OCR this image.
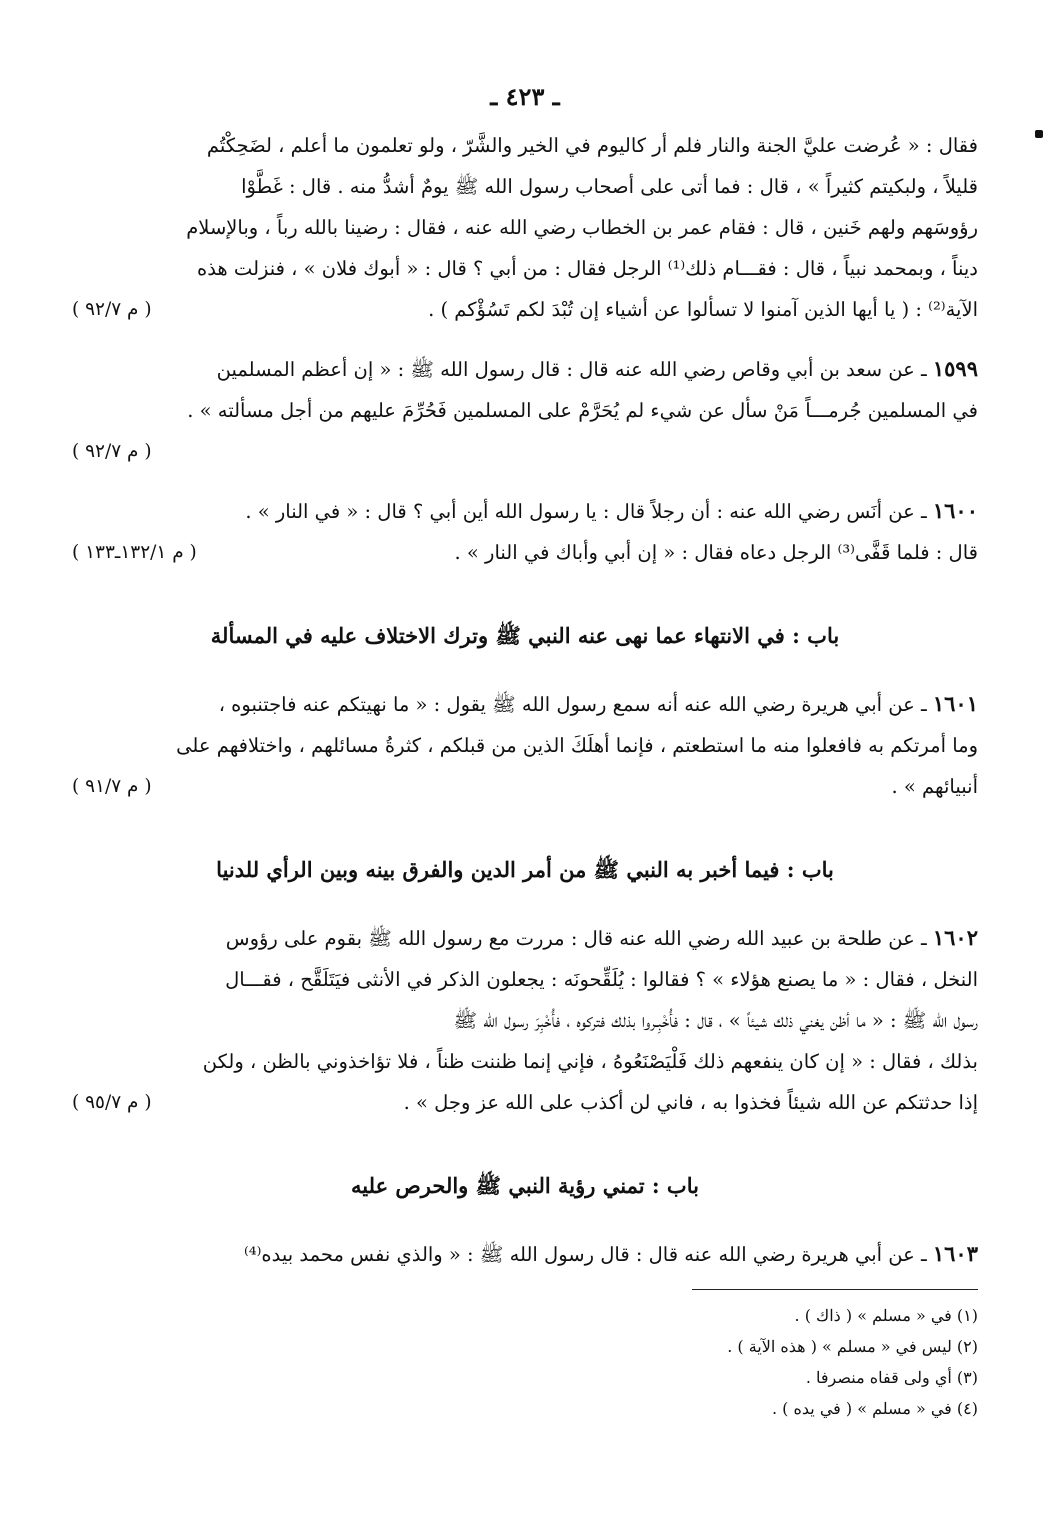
ـ ٤٢٣ ـ
فقال : « عُرضت عليَّ الجنة والنار فلم أر كاليوم في الخير والشَّرّ ، ولو تعلمون ما أعلم ، لضَحِكْتُم
قليلاً ، ولبكيتم كثيراً » ، قال : فما أتى على أصحاب رسول الله ﷺ يومٌ أشدُّ منه . قال : غَطَّوْا
رؤوسَهم ولهم خَنين ، قال : فقام عمر بن الخطاب رضي الله عنه ، فقال : رضينا بالله رباً ، وبالإسلام
ديناً ، وبمحمد نبياً ، قال : فقـــام ذلك⁽¹⁾ الرجل فقال : من أبي ؟ قال : « أبوك فلان » ، فنزلت هذه

( م ٩٢/٧ )	الآية⁽²⁾ : ( يا أيها الذين آمنوا لا تسألوا عن أشياء إن تُبْدَ لكم تَسُؤْكم ) .
١٥٩٩ ـ عن سعد بن أبي وقاص رضي الله عنه قال : قال رسول الله ﷺ : « إن أعظم المسلمين
في المسلمين جُرمـــاً مَنْ سأل عن شيء لم يُحَرَّمْ على المسلمين فَحُرِّمَ عليهم من أجل مسألته » .

( م ٩٢/٧ )
١٦٠٠ ـ عن أنَس رضي الله عنه : أن رجلاً قال : يا رسول الله أين أبي ؟ قال : « في النار » .

( م ١٣٢/١ـ١٣٣ )	قال : فلما قَفَّى⁽³⁾ الرجل دعاه فقال : « إن أبي وأباك في النار » .
باب : في الانتهاء عما نهى عنه النبي ﷺ وترك الاختلاف عليه في المسألة
١٦٠١ ـ عن أبي هريرة رضي الله عنه أنه سمع رسول الله ﷺ يقول : « ما نهيتكم عنه فاجتنبوه ،
وما أمرتكم به فافعلوا منه ما استطعتم ، فإنما أهلَكَ الذين من قبلكم ، كثرةُ مسائلهم ، واختلافهم على

( م ٩١/٧ )	أنبيائهم » .
باب : فيما أخبر به النبي ﷺ من أمر الدين والفرق بينه وبين الرأي للدنيا
١٦٠٢ ـ عن طلحة بن عبيد الله رضي الله عنه قال : مررت مع رسول الله ﷺ بقوم على رؤوس
النخل ، فقال : « ما يصنع هؤلاء » ؟ فقالوا : يُلَقِّحونَه : يجعلون الذكر في الأنثى فيَتَلَقَّح ، فقـــال
رسول الله ﷺ : « ما أظن يغني ذلك شيئاً » ، قال : فأُخْبِـروا بذلك فتركوه ، فأُخْبِرَ رسول الله ﷺ
بذلك ، فقال : « إن كان ينفعهم ذلك فَلْيَصْنَعُوهُ ، فإني إنما ظننت ظناً ، فلا تؤاخذوني بالظن ، ولكن

( م ٩٥/٧ )	إذا حدثتكم عن الله شيئاً فخذوا به ، فاني لن أكذب على الله عز وجل » .
باب : تمني رؤية النبي ﷺ والحرص عليه
١٦٠٣ ـ عن أبي هريرة رضي الله عنه قال : قال رسول الله ﷺ : « والذي نفس محمد بيده⁽⁴⁾
(١) في « مسلم » ( ذاك ) .
(٢) ليس في « مسلم » ( هذه الآية ) .
(٣) أي ولى قفاه منصرفا .
(٤) في « مسلم » ( في يده ) .
